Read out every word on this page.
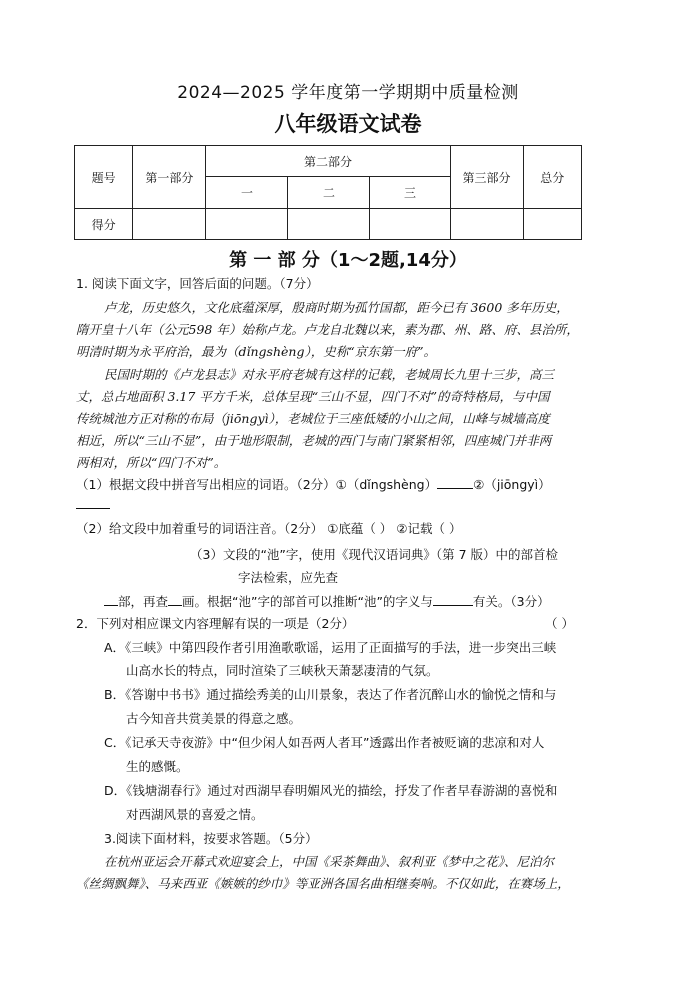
2024—2025 学年度第一学期期中质量检测
八年级语文试卷
题号	第一部分	第二部分			第三部分	总分
		一	二	三		
得分						
第 一 部 分（1～2题,14分）
1. 阅读下面文字，回答后面的问题。（7分）
卢龙，历史悠久，文化底蕴深厚，殷商时期为孤竹国都，距今已有 3600 多年历史，
隋开皇十八年（公元598 年）始称卢龙。卢龙自北魏以来，素为郡、州、路、府、县治所，
明清时期为永平府治，最为（dǐngshèng），史称“京东第一府”。
民国时期的《卢龙县志》对永平府老城有这样的记载，老城周长九里十三步，高三
丈，总占地面积 3.17 平方千米，总体呈现“三山不显，四门不对”的奇特格局，与中国
传统城池方正对称的布局（jiōngyì），老城位于三座低矮的小山之间，山峰与城墙高度
相近，所以“三山不显”，由于地形限制，老城的西门与南门紧紧相邻，四座城门并非两
两相对，所以“四门不对”。
（1）根据文段中拼音写出相应的词语。（2分）①（dǐngshèng）	②（jiōngyì）
（2）给文段中加着重号的词语注音。（2分） ①底蕴（ ） ②记载（ ）
（3）文段的“池”字，使用《现代汉语词典》（第 7 版）中的部首检
字法检索，应先查
部，再查 画。根据“池”字的部首可以推断“池”的字义与	有关。（3分）
2．下列对相应课文内容理解有误的一项是（2分）	（ ）
A．《三峡》中第四段作者引用渔歌歌谣，运用了正面描写的手法，进一步突出三峡
山高水长的特点，同时渲染了三峡秋天萧瑟凄清的气氛。
B．《答谢中书书》通过描绘秀美的山川景象，表达了作者沉醉山水的愉悦之情和与
古今知音共赏美景的得意之感。
C．《记承天寺夜游》中“但少闲人如吾两人者耳”透露出作者被贬谪的悲凉和对人
生的感慨。
D．《钱塘湖春行》通过对西湖早春明媚风光的描绘，抒发了作者早春游湖的喜悦和
对西湖风景的喜爱之情。
3.阅读下面材料，按要求答题。（5分）
在杭州亚运会开幕式欢迎宴会上，中国《采茶舞曲》、叙利亚《梦中之花》、尼泊尔
《丝绸飘舞》、马来西亚《嫉嫉的纱巾》等亚洲各国名曲相继奏响。不仅如此，在赛场上，
